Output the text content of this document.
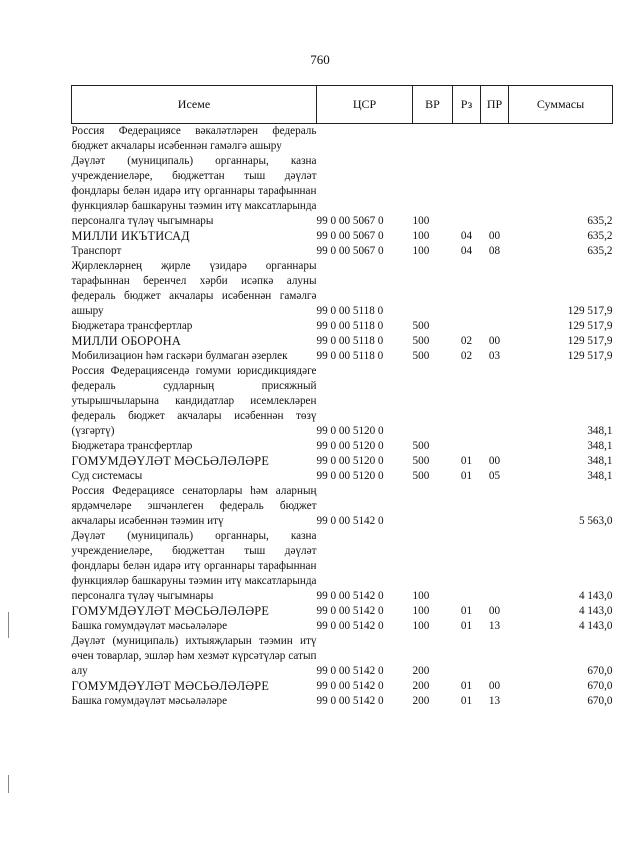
760
Исеме	ЦСР	ВР	Рз	ПР	Суммасы
Россия Федерациясе вәкаләтләрен федераль бюджет акчалары исәбеннән гамәлгә ашыру					
Дәүләт (муниципаль) органнары, казна учреждениеләре, бюджеттан тыш дәүләт фондлары белән идарә итү органнары тарафыннан функцияләр башкаруны тәэмин итү максатларында персоналга түләү чыгымнары	99 0 00 5067 0	100			635,2
МИЛЛИ ИКЪТИСАД	99 0 00 5067 0	100	04	00	635,2
Транспорт	99 0 00 5067 0	100	04	08	635,2
Җирлекләрнең җирле үзидарә органнары тарафыннан беренчел хәрби исәпкә алуны федераль бюджет акчалары исәбеннән гамәлгә ашыру	99 0 00 5118 0				129 517,9
Бюджетара трансфертлар	99 0 00 5118 0	500			129 517,9
МИЛЛИ ОБОРОНА	99 0 00 5118 0	500	02	00	129 517,9
Мобилизацион һәм гаскәри булмаган әзерлек	99 0 00 5118 0	500	02	03	129 517,9
Россия Федерациясендә гомуми юрисдикциядәге федераль судларның присяжный утырышчыларына кандидатлар исемлекләрен федераль бюджет акчалары исәбеннән төзү (үзгәртү)	99 0 00 5120 0				348,1
Бюджетара трансфертлар	99 0 00 5120 0	500			348,1
ГОМУМДӘҮЛӘТ МӘСЬӘЛӘЛӘРЕ	99 0 00 5120 0	500	01	00	348,1
Суд системасы	99 0 00 5120 0	500	01	05	348,1
Россия Федерациясе сенаторлары һәм аларның ярдәмчеләре эшчәнлеген федераль бюджет акчалары исәбеннән тәэмин итү	99 0 00 5142 0				5 563,0
Дәүләт (муниципаль) органнары, казна учреждениеләре, бюджеттан тыш дәүләт фондлары белән идарә итү органнары тарафыннан функцияләр башкаруны тәэмин итү максатларында персоналга түләү чыгымнары	99 0 00 5142 0	100			4 143,0
ГОМУМДӘҮЛӘТ МӘСЬӘЛӘЛӘРЕ	99 0 00 5142 0	100	01	00	4 143,0
Башка гомумдәүләт мәсьәләләре	99 0 00 5142 0	100	01	13	4 143,0
Дәүләт (муниципаль) ихтыяҗларын тәэмин итү өчен товарлар, эшләр һәм хезмәт күрсәтүләр сатып алу	99 0 00 5142 0	200			670,0
ГОМУМДӘҮЛӘТ МӘСЬӘЛӘЛӘРЕ	99 0 00 5142 0	200	01	00	670,0
Башка гомумдәүләт мәсьәләләре	99 0 00 5142 0	200	01	13	670,0
